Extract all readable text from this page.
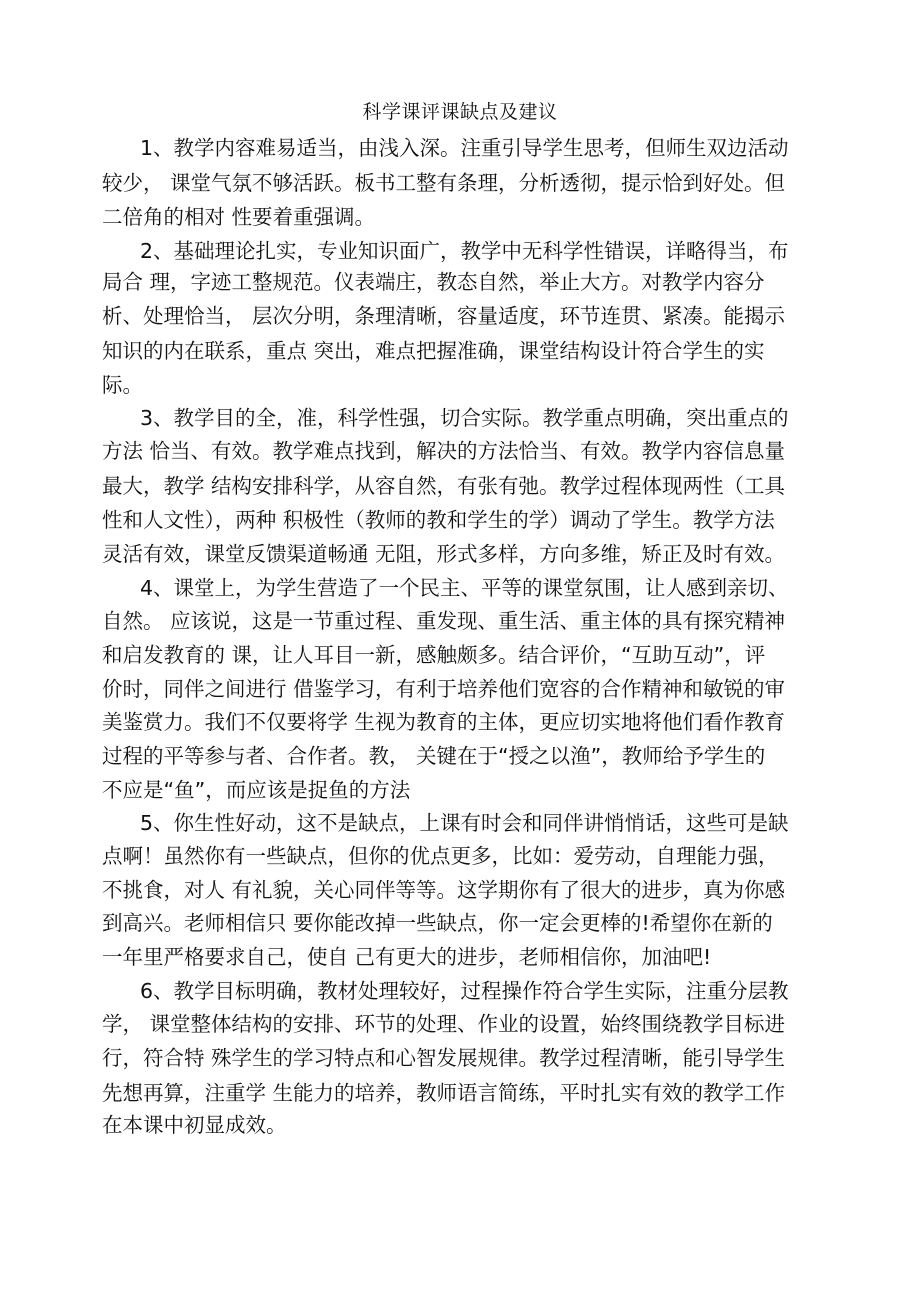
科学课评课缺点及建议
1、教学内容难易适当，由浅入深。注重引导学生思考，但师生双边活动
较少， 课堂气氛不够活跃。板书工整有条理，分析透彻，提示恰到好处。但
二倍角的相对 性要着重强调。
2、基础理论扎实，专业知识面广，教学中无科学性错误，详略得当，布
局合 理，字迹工整规范。仪表端庄，教态自然，举止大方。对教学内容分
析、处理恰当， 层次分明，条理清晰，容量适度，环节连贯、紧凑。能揭示
知识的内在联系，重点 突出，难点把握准确，课堂结构设计符合学生的实
际。
3、教学目的全，准，科学性强，切合实际。教学重点明确，突出重点的
方法 恰当、有效。教学难点找到，解决的方法恰当、有效。教学内容信息量
最大，教学 结构安排科学，从容自然，有张有弛。教学过程体现两性（工具
性和人文性），两种 积极性（教师的教和学生的学）调动了学生。教学方法
灵活有效，课堂反馈渠道畅通 无阻，形式多样，方向多维，矫正及时有效。
4、课堂上，为学生营造了一个民主、平等的课堂氛围，让人感到亲切、
自然。 应该说，这是一节重过程、重发现、重生活、重主体的具有探究精神
和启发教育的 课，让人耳目一新，感触颇多。结合评价，“互助互动”，评
价时，同伴之间进行 借鉴学习，有利于培养他们宽容的合作精神和敏锐的审
美鉴赏力。我们不仅要将学 生视为教育的主体，更应切实地将他们看作教育
过程的平等参与者、合作者。教， 关键在于“授之以渔”，教师给予学生的
不应是“鱼”，而应该是捉鱼的方法
5、你生性好动，这不是缺点，上课有时会和同伴讲悄悄话，这些可是缺
点啊！虽然你有一些缺点，但你的优点更多，比如：爱劳动，自理能力强，
不挑食，对人 有礼貌，关心同伴等等。这学期你有了很大的进步，真为你感
到高兴。老师相信只 要你能改掉一些缺点，你一定会更棒的!希望你在新的
一年里严格要求自己，使自 己有更大的进步，老师相信你，加油吧!
6、教学目标明确，教材处理较好，过程操作符合学生实际，注重分层教
学， 课堂整体结构的安排、环节的处理、作业的设置，始终围绕教学目标进
行，符合特 殊学生的学习特点和心智发展规律。教学过程清晰，能引导学生
先想再算，注重学 生能力的培养，教师语言简练，平时扎实有效的教学工作
在本课中初显成效。
